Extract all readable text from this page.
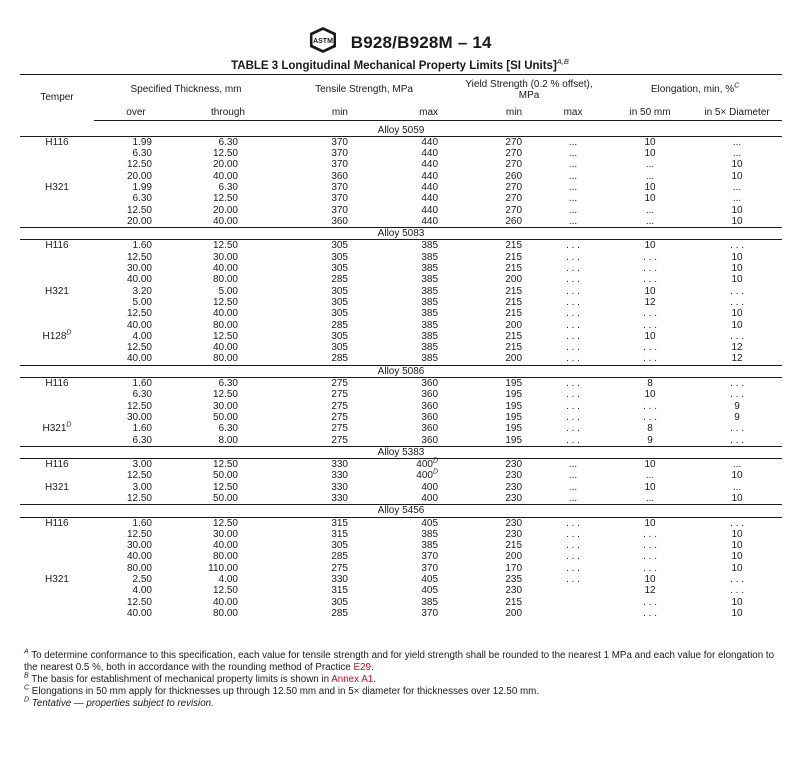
ASTM B928/B928M – 14
TABLE 3 Longitudinal Mechanical Property Limits [SI Units]$^{A,B}$
Temper	Specified Thickness, mm		Tensile Strength, MPa		Yield Strength (0.2 % offset), MPa		Elongation, min, %$^C$
	over	through	min	max	min	max	in 50 mm	in 5× Diameter

Alloy 5059								
H116	1.99	6.30	370	440	270	...	10	...
	6.30	12.50	370	440	270	...	10	...
	12.50	20.00	370	440	270	...	...	10
	20.00	40.00	360	440	260	...	...	10
H321	1.99	6.30	370	440	270	...	10	...
	6.30	12.50	370	440	270	...	10	...
	12.50	20.00	370	440	270	...	...	10
	20.00	40.00	360	440	260	...	...	10
Alloy 5083								
H116	1.60	12.50	305	385	215	. . .	10	. . .
	12.50	30.00	305	385	215	. . .	. . .	10
	30.00	40.00	305	385	215	. . .	. . .	10
	40.00	80.00	285	385	200	. . .	. . .	10
H321	3.20	5.00	305	385	215	. . .	10	. . .
	5.00	12.50	305	385	215	. . .	12	. . .
	12.50	40.00	305	385	215	. . .	. . .	10
	40.00	80.00	285	385	200	. . .	. . .	10
$H128^D$	4.00	12.50	305	385	215	. . .	10	. . .
	12.50	40.00	305	385	215	. . .	. . .	12
	40.00	80.00	285	385	200	. . .	. . .	12
Alloy 5086								
H116	1.60	6.30	275	360	195	. . .	8	. . .
	6.30	12.50	275	360	195	. . .	10	. . .
	12.50	30.00	275	360	195	. . .	. . .	9
	30.00	50.00	275	360	195	. . .	. . .	9
$H321^D$	1.60	6.30	275	360	195	. . .	8	. . .
	6.30	8.00	275	360	195	. . .	9	. . .
Alloy 5383								
H116	3.00	12.50	330	$400^D$	230	...	10	...
	12.50	50.00	330	$400^D$	230	...	...	10
H321	3.00	12.50	330	400	230	...	10	...
	12.50	50.00	330	400	230	...	...	10
Alloy 5456								
H116	1.60	12.50	315	405	230	. . .	10	. . .
	12.50	30.00	315	385	230	. . .	. . .	10
	30.00	40.00	305	385	215	. . .	. . .	10
	40.00	80.00	285	370	200	. . .	. . .	10
	80.00	110.00	275	370	170	. . .	. . .	10
H321	2.50	4.00	330	405	235	. . .	10	. . .
	4.00	12.50	315	405	230		12	. . .
	12.50	40.00	305	385	215		. . .	10
	40.00	80.00	285	370	200		. . .	10

$^A$ To determine conformance to this specification, each value for tensile strength and for yield strength shall be rounded to the nearest 1 MPa and each value for elongation to the nearest 0.5 %, both in accordance with the rounding method of Practice E29.

$^B$ The basis for establishment of mechanical property limits is shown in Annex A1.

$^C$ Elongations in 50 mm apply for thicknesses up through 12.50 mm and in 5× diameter for thicknesses over 12.50 mm.

$^D$ Tentative — properties subject to revision.
